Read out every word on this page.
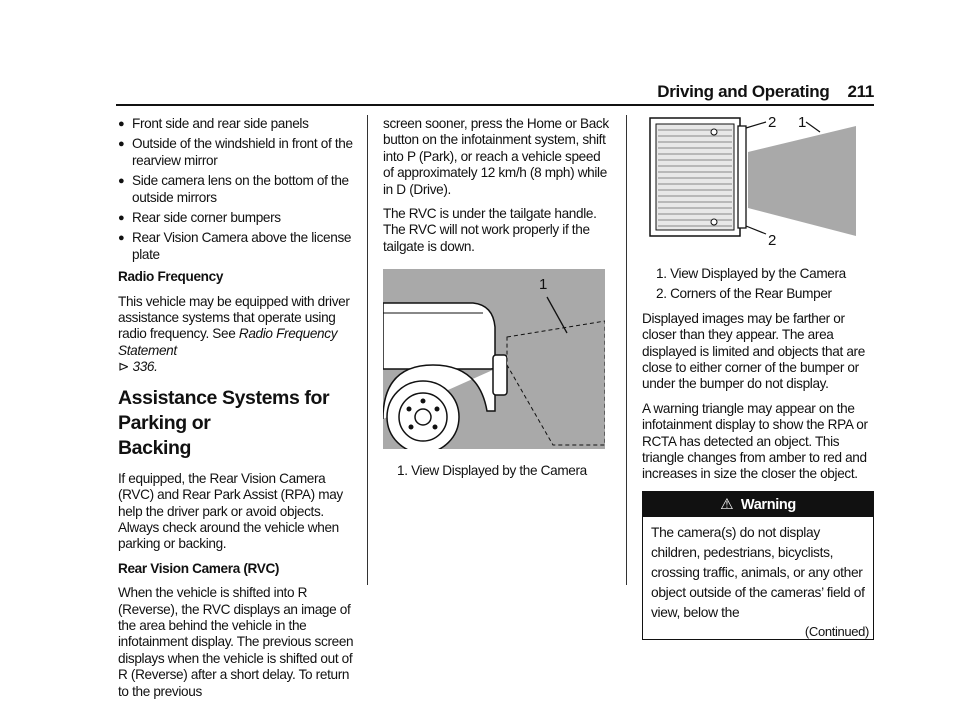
Driving and Operating 211
● Front side and rear side panels
● Outside of the windshield in front of the rearview mirror
● Side camera lens on the bottom of the outside mirrors
● Rear side corner bumpers
● Rear Vision Camera above the license plate

Radio Frequency

This vehicle may be equipped with driver assistance systems that operate using radio frequency. See Radio Frequency Statement
⊳ 336.

Assistance Systems for Parking or
Backing

If equipped, the Rear Vision Camera (RVC) and Rear Park Assist (RPA) may help the driver park or avoid objects. Always check around the vehicle when parking or backing.

Rear Vision Camera (RVC)

When the vehicle is shifted into R (Reverse), the RVC displays an image of the area behind the vehicle in the infotainment display. The previous screen displays when the vehicle is shifted out of R (Reverse) after a short delay. To return to the previous

screen sooner, press the Home or Back button on the infotainment system, shift into P (Park), or reach a vehicle speed of approximately 12 km/h (8 mph) while in D (Drive).

The RVC is under the tailgate handle. The RVC will not work properly if the tailgate is down.

1

1. View Displayed by the Camera

2 1
2
1. View Displayed by the Camera
2. Corners of the Rear Bumper

Displayed images may be farther or closer than they appear. The area displayed is limited and objects that are close to either corner of the bumper or under the bumper do not display.

A warning triangle may appear on the infotainment display to show the RPA or RCTA has detected an object. This triangle changes from amber to red and increases in size the closer the object.

⚠ Warning
The camera(s) do not display children, pedestrians, bicyclists, crossing traffic, animals, or any other object outside of the cameras’ field of view, below the
(Continued)
